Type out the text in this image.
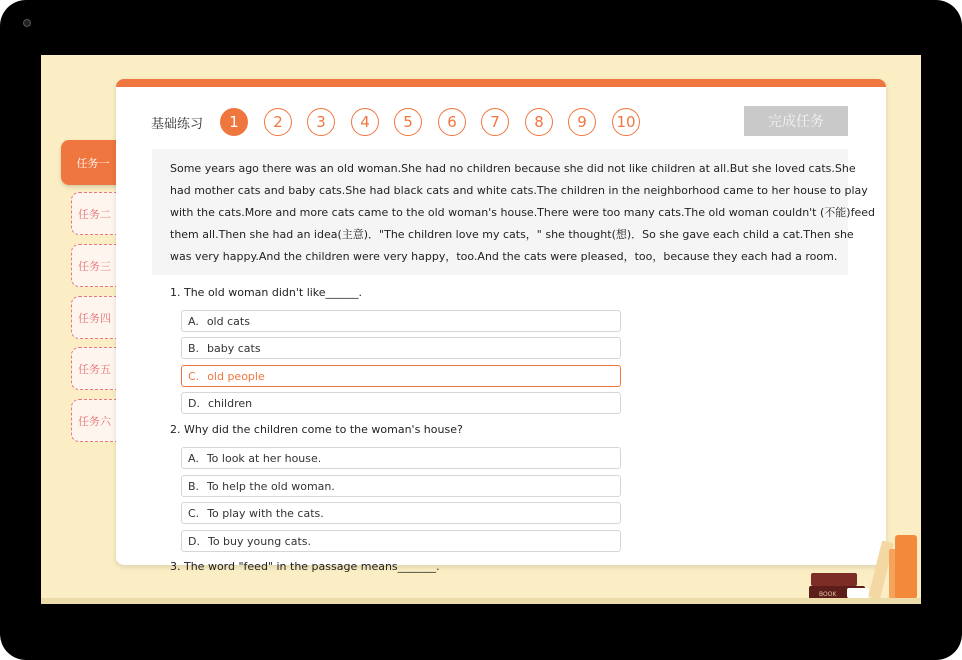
任务一
任务二
任务三
任务四
任务五
任务六
基础练习	1	2	3	4	5	6	7	8	9	10	完成任务

Some years ago there was an old woman.She had no children because she did not like children at all.But she loved cats.She

had mother cats and baby cats.She had black cats and white cats.The children in the neighborhood came to her house to play

with the cats.More and more cats came to the old woman's house.There were too many cats.The old woman couldn't (不能)feed

them all.Then she had an idea(主意)．"The children love my cats，" she thought(想)．So she gave each child a cat.Then she

was very happy.And the children were very happy，too.And the cats were pleased，too，because they each had a room.

1. The old woman didn't like______.
A. old cats
B. baby cats
C. old people
D. children
2. Why did the children come to the woman's house?
A. To look at her house.
B. To help the old woman.
C. To play with the cats.
D. To buy young cats.
3. The word "feed" in the passage means_______.
BOOK
